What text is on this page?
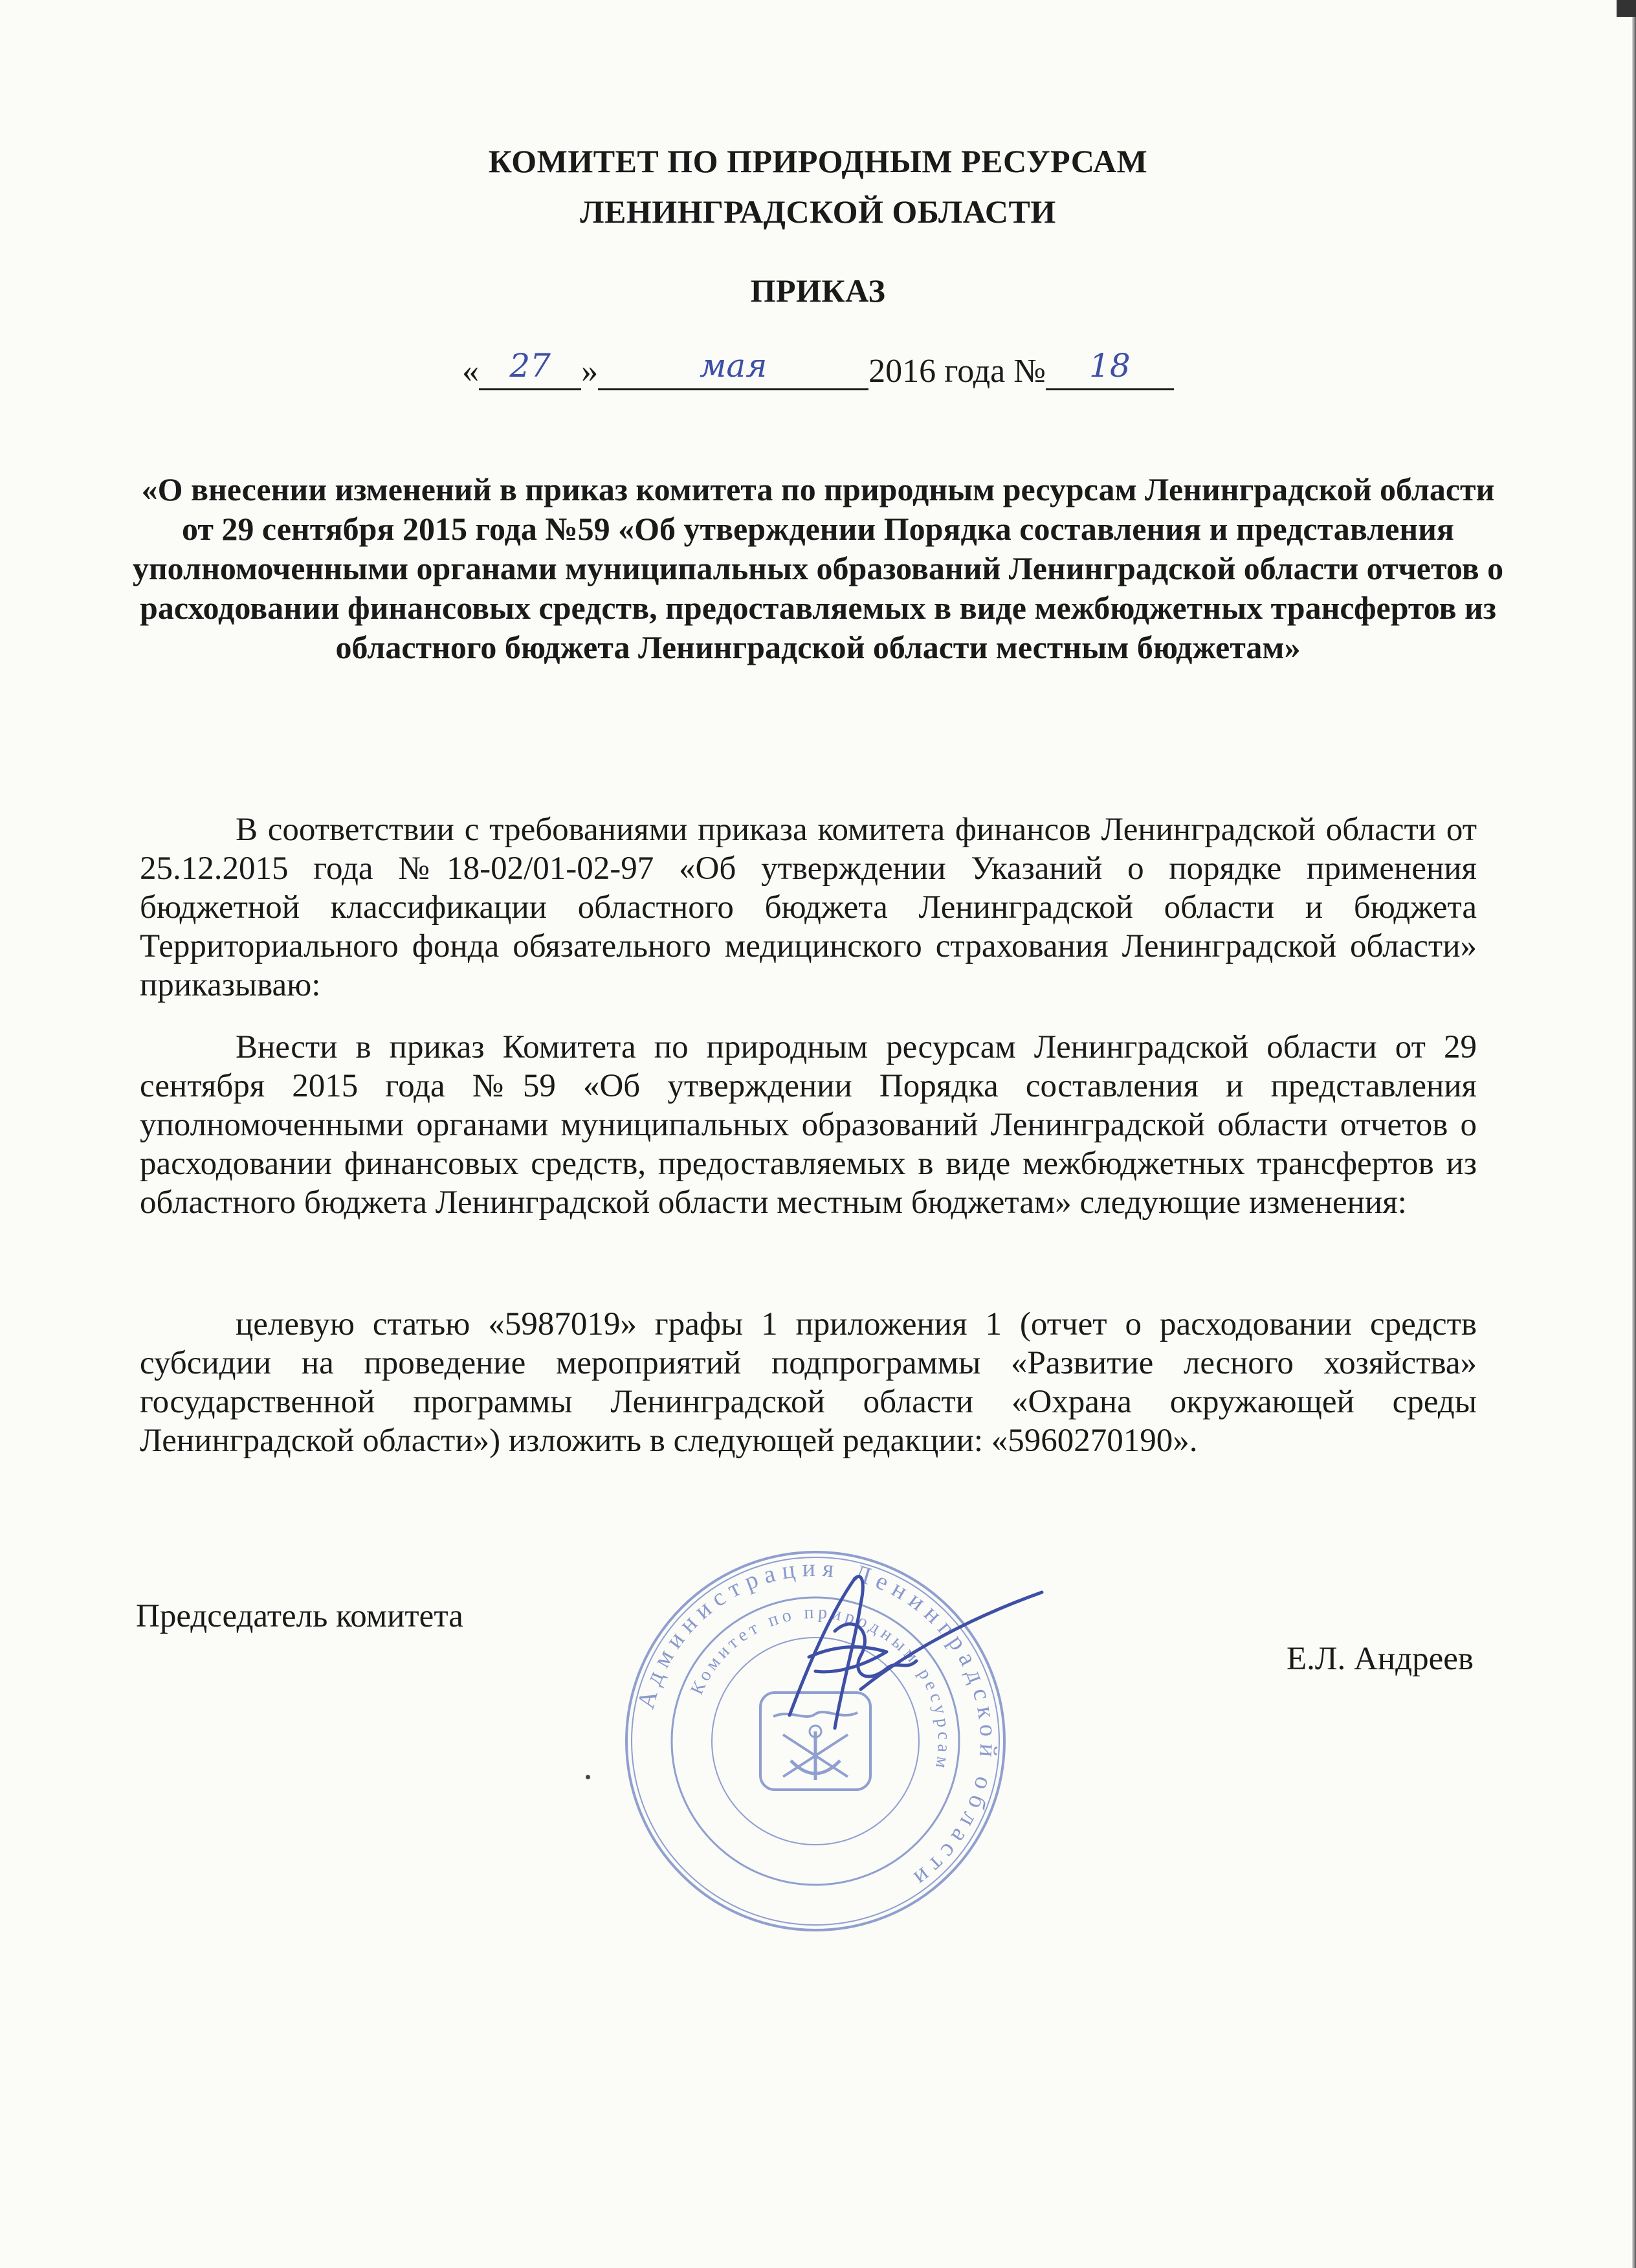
КОМИТЕТ ПО ПРИРОДНЫМ РЕСУРСАМ
ЛЕНИНГРАДСКОЙ ОБЛАСТИ
ПРИКАЗ
« 27 »	мая	2016 года № 18
«О внесении изменений в приказ комитета по природным ресурсам Ленинградской области от 29 сентября 2015 года №59 «Об утверждении Порядка составления и представления уполномоченными органами муниципальных образований Ленинградской области отчетов о расходовании финансовых средств, предоставляемых в виде межбюджетных трансфертов из областного бюджета Ленинградской области местным бюджетам»

В соответствии с требованиями приказа комитета финансов Ленинградской области от 25.12.2015 года №18-02/01-02-97 «Об утверждении Указаний о порядке применения бюджетной классификации областного бюджета Ленинградской области и бюджета Территориального фонда обязательного медицинского страхования Ленинградской области» приказываю:

Внести в приказ Комитета по природным ресурсам Ленинградской области от 29 сентября 2015 года №59 «Об утверждении Порядка составления и представления уполномоченными органами муниципальных образований Ленинградской области отчетов о расходовании финансовых средств, предоставляемых в виде межбюджетных трансфертов из областного бюджета Ленинградской области местным бюджетам» следующие изменения:

целевую статью «5987019» графы 1 приложения 1 (отчет о расходовании средств субсидии на проведение мероприятий подпрограммы «Развитие лесного хозяйства» государственной программы Ленинградской области «Охрана окружающей среды Ленинградской области») изложить в следующей редакции: «5960270190».

Председатель комитета
Е.Л. Андреев
Администрация Ленинградской области
Комитет по природным ресурсам
